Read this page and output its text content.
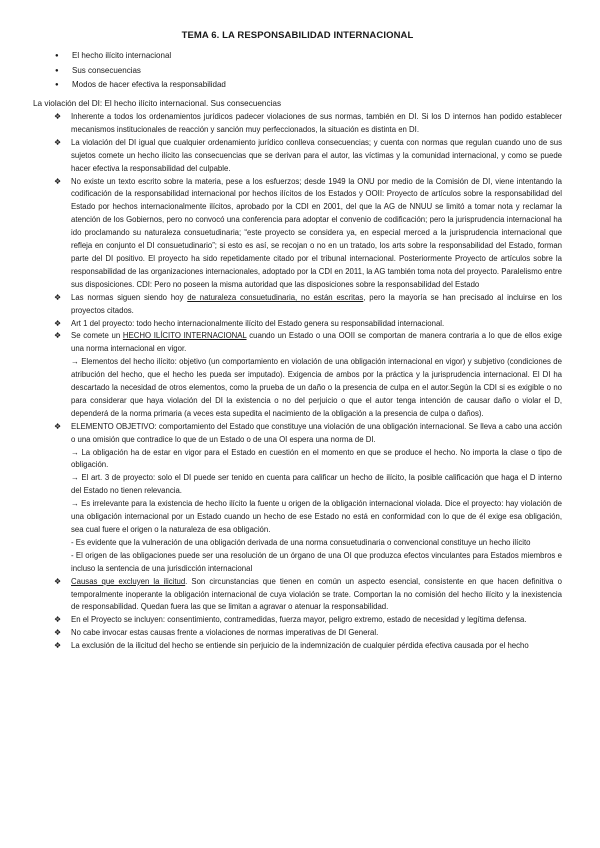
TEMA 6. LA RESPONSABILIDAD INTERNACIONAL
● El hecho ilícito internacional
● Sus consecuencias
● Modos de hacer efectiva la responsabilidad
La violación del DI: El hecho ilícito internacional. Sus consecuencias
❖ Inherente a todos los ordenamientos jurídicos padecer violaciones de sus normas, también en DI. Si los D internos han podido establecer mecanismos institucionales de reacción y sanción muy perfeccionados, la situación es distinta en DI.
❖ La violación del DI igual que cualquier ordenamiento jurídico conlleva consecuencias; y cuenta con normas que regulan cuando uno de sus sujetos comete un hecho ilícito las consecuencias que se derivan para el autor, las víctimas y la comunidad internacional, y como se puede hacer efectiva la responsabilidad del culpable.
❖ No existe un texto escrito sobre la materia, pese a los esfuerzos; desde 1949 la ONU por medio de la Comisión de DI, viene intentando la codificación de la responsabilidad internacional por hechos ilícitos de los Estados y OOII: Proyecto de artículos sobre la responsabilidad del Estado por hechos internacionalmente ilícitos, aprobado por la CDI en 2001, del que la AG de NNUU se limitó a tomar nota y reclamar la atención de los Gobiernos, pero no convocó una conferencia para adoptar el convenio de codificación; pero la jurisprudencia internacional ha ido proclamando su naturaleza consuetudinaria; “este proyecto se considera ya, en especial merced a la jurisprudencia internacional que refleja en conjunto el DI consuetudinario”; si esto es así, se recojan o no en un tratado, los arts sobre la responsabilidad del Estado, forman parte del DI positivo. El proyecto ha sido repetidamente citado por el tribunal internacional. Posteriormente Proyecto de artículos sobre la responsabilidad de las organizaciones internacionales, adoptado por la CDI en 2011, la AG también toma nota del proyecto. Paralelismo entre sus disposiciones. CDI: Pero no poseen la misma autoridad que las disposiciones sobre la responsabilidad del Estado
❖ Las normas siguen siendo hoy de naturaleza consuetudinaria, no están escritas, pero la mayoría se han precisado al incluirse en los proyectos citados.
❖ Art 1 del proyecto: todo hecho internacionalmente ilícito del Estado genera su responsabilidad internacional.
❖ Se comete un HECHO ILÍCITO INTERNACIONAL cuando un Estado o una OOII se comportan de manera contraria a lo que de ellos exige una norma internacional en vigor.
→ Elementos del hecho ilícito: objetivo (un comportamiento en violación de una obligación internacional en vigor) y subjetivo (condiciones de atribución del hecho, que el hecho les pueda ser imputado). Exigencia de ambos por la práctica y la jurisprudencia internacional. El DI ha descartado la necesidad de otros elementos, como la prueba de un daño o la presencia de culpa en el autor.Según la CDI si es exigible o no para considerar que haya violación del DI la existencia o no del perjuicio o que el autor tenga intención de causar daño o violar el D, dependerá de la norma primaria (a veces esta supedita el nacimiento de la obligación a la presencia de culpa o daños).
❖ ELEMENTO OBJETIVO: comportamiento del Estado que constituye una violación de una obligación internacional. Se lleva a cabo una acción o una omisión que contradice lo que de un Estado o de una OI espera una norma de DI.
→ La obligación ha de estar en vigor para el Estado en cuestión en el momento en que se produce el hecho. No importa la clase o tipo de obligación.
→ El art. 3 de proyecto: solo el DI puede ser tenido en cuenta para calificar un hecho de ilícito, la posible calificación que haga el D interno del Estado no tienen relevancia.
→ Es irrelevante para la existencia de hecho ilícito la fuente u origen de la obligación internacional violada. Dice el proyecto: hay violación de una obligación internacional por un Estado cuando un hecho de ese Estado no está en conformidad con lo que de él exige esa obligación, sea cual fuere el origen o la naturaleza de esa obligación.
- Es evidente que la vulneración de una obligación derivada de una norma consuetudinaria o convencional constituye un hecho ilícito
- El origen de las obligaciones puede ser una resolución de un órgano de una OI que produzca efectos vinculantes para Estados miembros e incluso la sentencia de una jurisdicción internacional
❖ Causas que excluyen la ilicitud. Son circunstancias que tienen en común un aspecto esencial, consistente en que hacen definitiva o temporalmente inoperante la obligación internacional de cuya violación se trate. Comportan la no comisión del hecho ilícito y la inexistencia de responsabilidad. Quedan fuera las que se limitan a agravar o atenuar la responsabilidad.
❖ En el Proyecto se incluyen: consentimiento, contramedidas, fuerza mayor, peligro extremo, estado de necesidad y legítima defensa.
❖ No cabe invocar estas causas frente a violaciones de normas imperativas de DI General.
❖ La exclusión de la ilicitud del hecho se entiende sin perjuicio de la indemnización de cualquier pérdida efectiva causada por el hecho
